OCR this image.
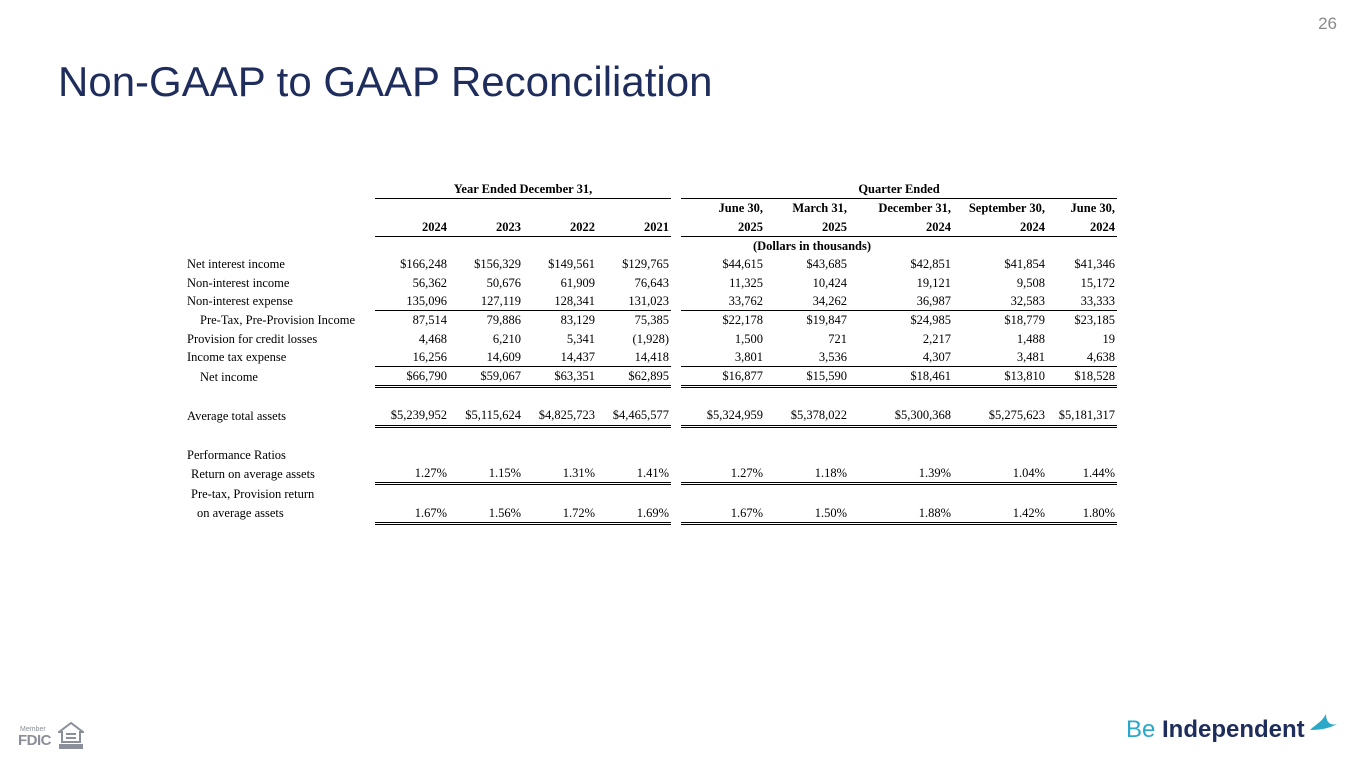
26
Non-GAAP to GAAP Reconciliation
	Year Ended December 31,					Quarter Ended				
						June 30,	March 31,	December 31,	September 30,	June 30,
	2024	2023	2022	2021		2025	2025	2024	2024	2024
					(Dollars in thousands)					
Net interest income	$166,248	$156,329	$149,561	$129,765		$44,615	$43,685	$42,851	$41,854	$41,346
Non-interest income	56,362	50,676	61,909	76,643		11,325	10,424	19,121	9,508	15,172
Non-interest expense	135,096	127,119	128,341	131,023		33,762	34,262	36,987	32,583	33,333
Pre-Tax, Pre-Provision Income	87,514	79,886	83,129	75,385		$22,178	$19,847	$24,985	$18,779	$23,185
Provision for credit losses	4,468	6,210	5,341	(1,928)		1,500	721	2,217	1,488	19
Income tax expense	16,256	14,609	14,437	14,418		3,801	3,536	4,307	3,481	4,638
Net income	$66,790	$59,067	$63,351	$62,895		$16,877	$15,590	$18,461	$13,810	$18,528

Average total assets	$5,239,952	$5,115,624	$4,825,723	$4,465,577		$5,324,959	$5,378,022	$5,300,368	$5,275,623	$5,181,317

Performance Ratios										
Return on average assets	1.27%	1.15%	1.31%	1.41%		1.27%	1.18%	1.39%	1.04%	1.44%
Pre-tax, Provision return										
on average assets	1.67%	1.56%	1.72%	1.69%		1.67%	1.50%	1.88%	1.42%	1.80%
Member
FDIC	Be Independent
